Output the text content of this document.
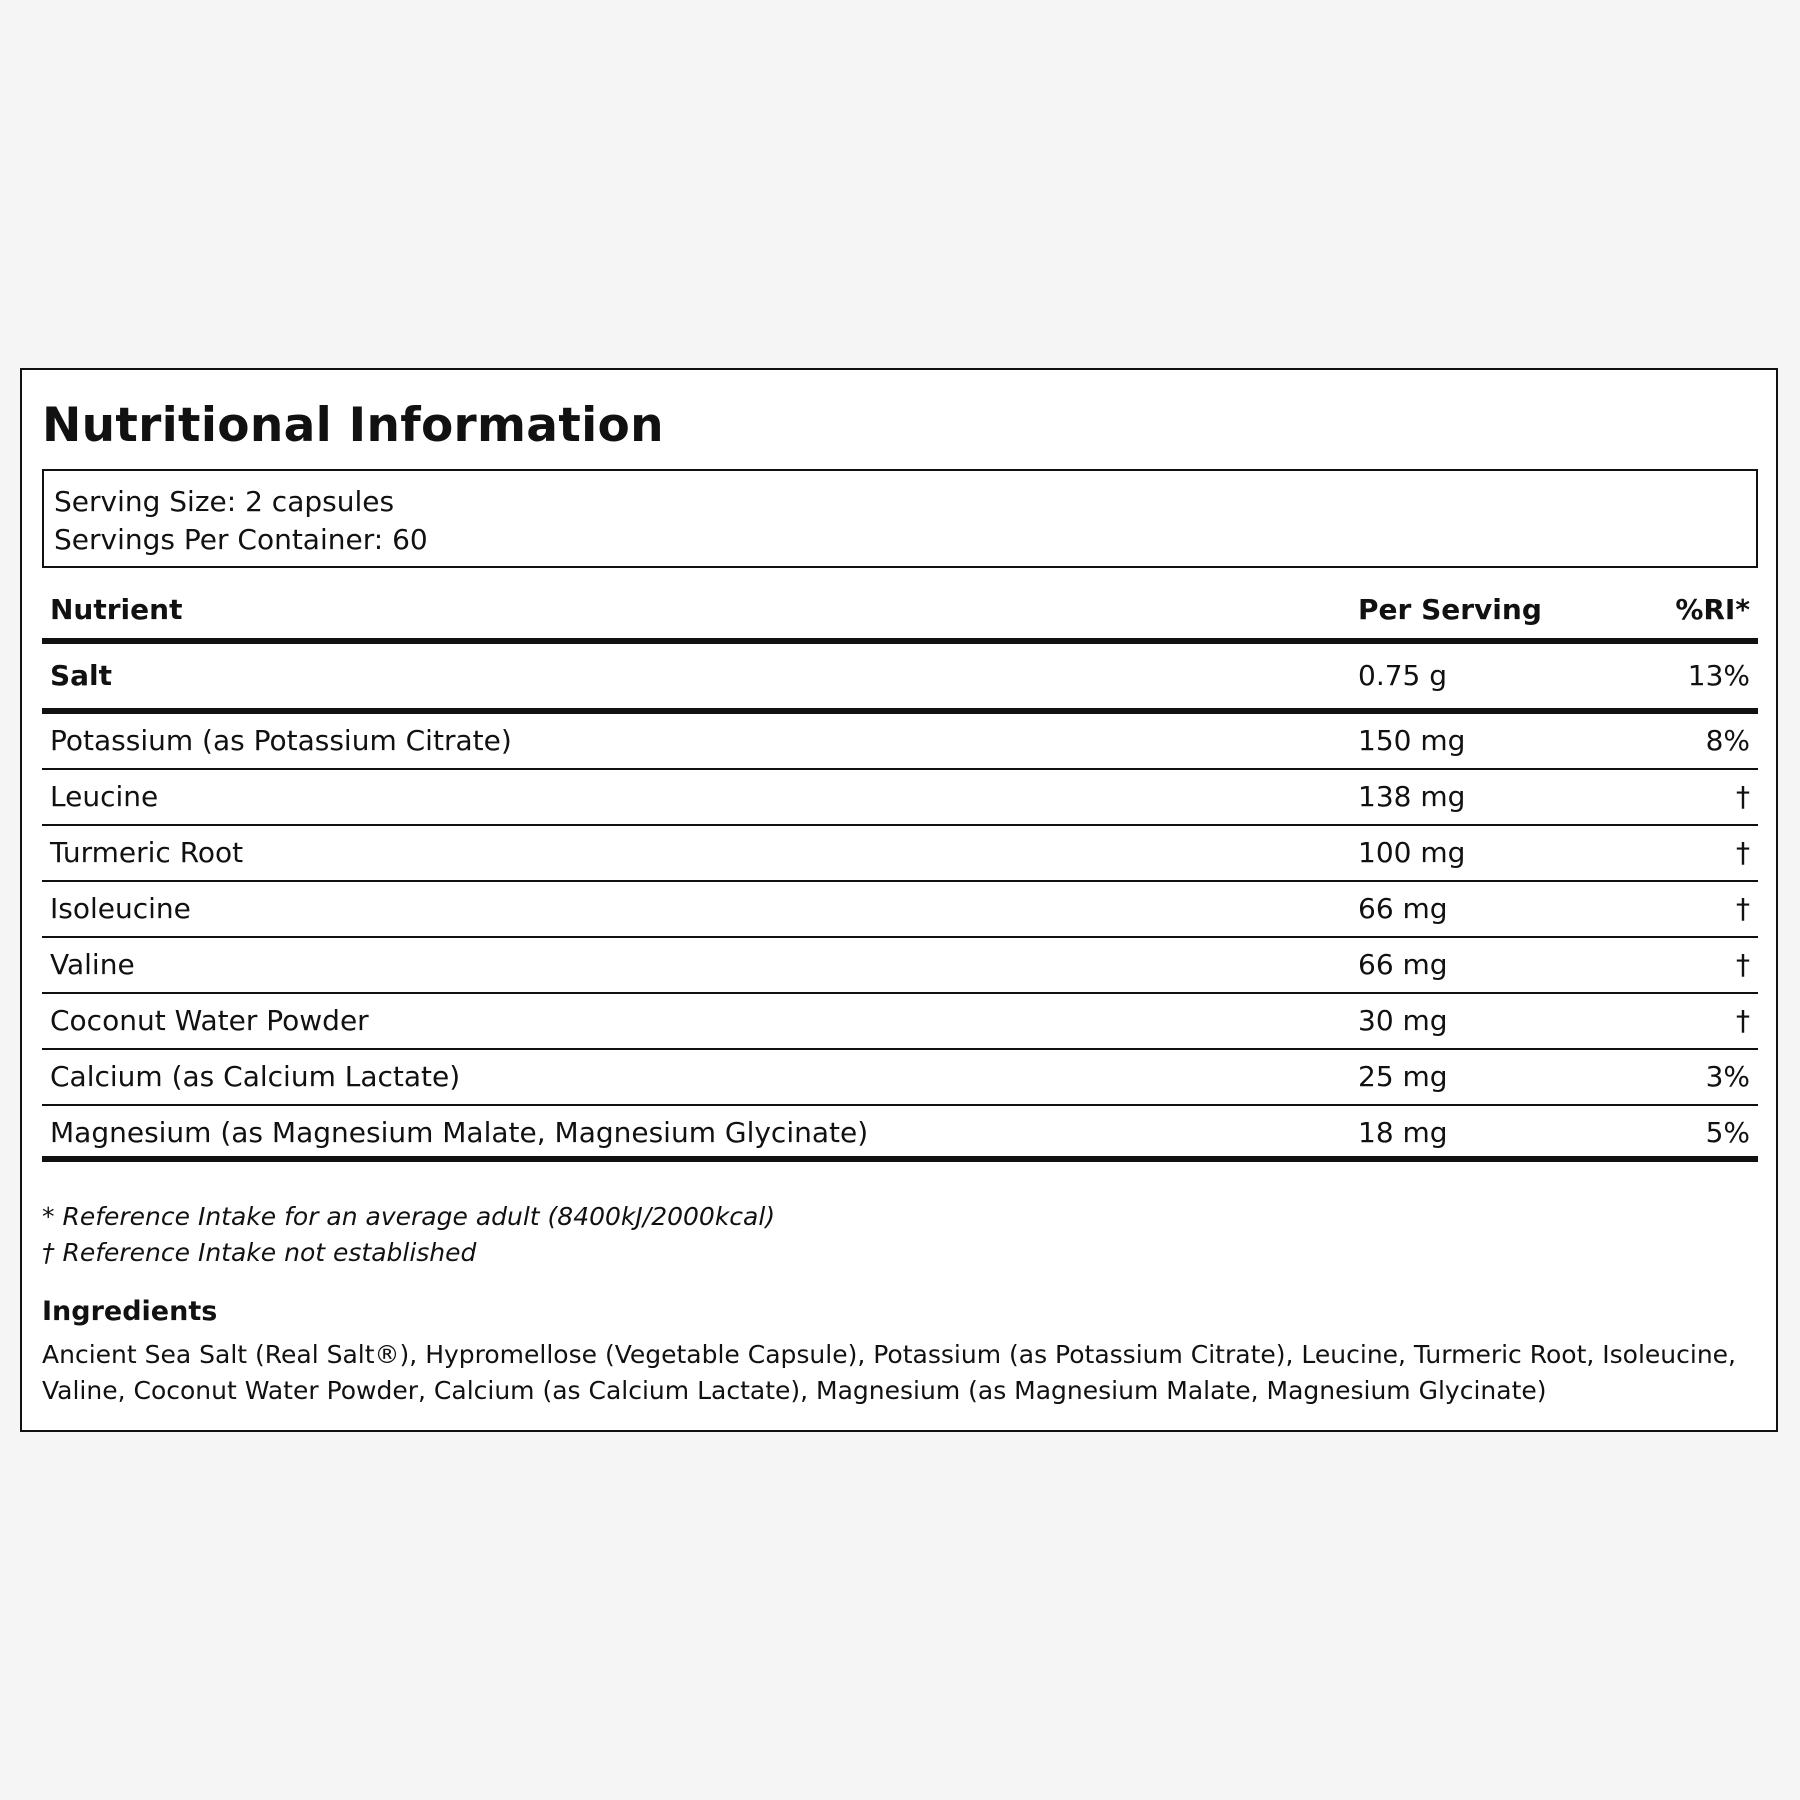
Nutritional Information
Serving Size: 2 capsules
Servings Per Container: 60
Nutrient	Per Serving	%RI*
Salt	0.75 g	13%
Potassium (as Potassium Citrate)	150 mg	8%
Leucine	138 mg	†
Turmeric Root	100 mg	†
Isoleucine	66 mg	†
Valine	66 mg	†
Coconut Water Powder	30 mg	†
Calcium (as Calcium Lactate)	25 mg	3%
Magnesium (as Magnesium Malate, Magnesium Glycinate)	18 mg	5%
* Reference Intake for an average adult (8400kJ/2000kcal)
† Reference Intake not established
Ingredients
Ancient Sea Salt (Real Salt®), Hypromellose (Vegetable Capsule), Potassium (as Potassium Citrate), Leucine, Turmeric Root, Isoleucine, Valine, Coconut Water Powder, Calcium (as Calcium Lactate), Magnesium (as Magnesium Malate, Magnesium Glycinate)
